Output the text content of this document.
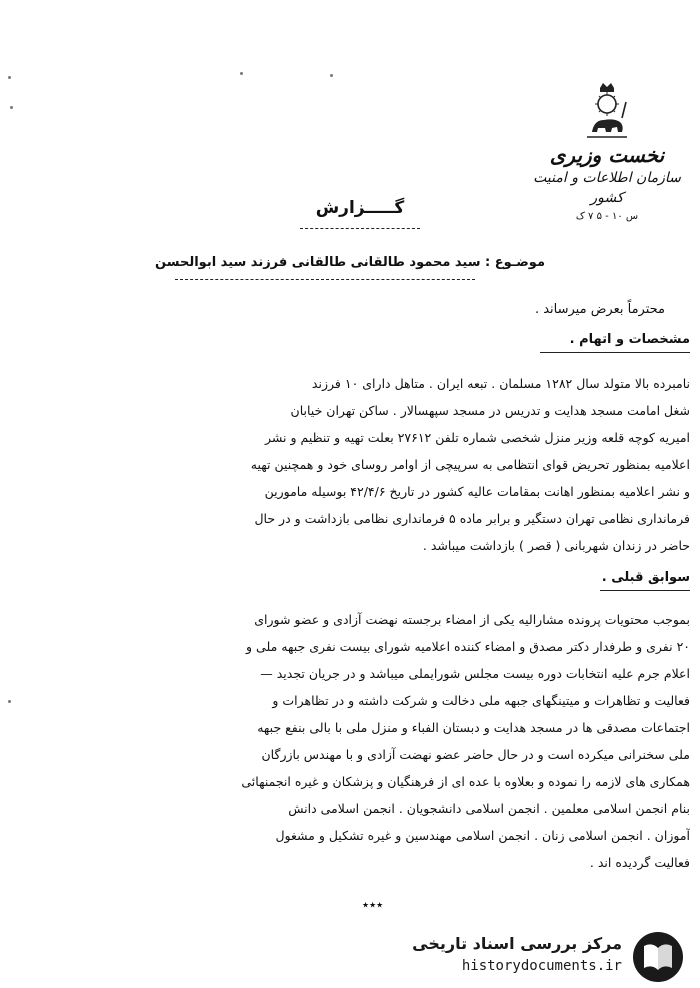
نخست وزیری
سازمان اطلاعات و امنیت کشور
س ۱۰ - ۵ ۷ ک
گـــــزارش
موضـوع : سید محمود طالقانی طالقانی فرزند سید ابوالحسن
محترماً بعرض میرساند .
مشخصات و اتهام .

نامبرده بالا متولد سال ۱۲۸۲ مسلمان . تبعه ایران . متاهل دارای ۱۰ فرزند

شغل امامت مسجد هدایت و تدریس در مسجد سپهسالار . ساکن تهران خیابان

امیریه کوچه قلعه وزیر منزل شخصی شماره تلفن ۲۷۶۱۲ بعلت تهیه و تنظیم و نشر

اعلامیه بمنظور تحریض قوای انتظامی به سرپیچی از اوامر روسای خود و همچنین تهیه

و نشر اعلامیه بمنظور اهانت بمقامات عالیه کشور در تاریخ ۴۲/۴/۶ بوسیله مامورین

فرمانداری نظامی تهران دستگیر و برابر ماده ۵ فرمانداری نظامی بازداشت و در حال

حاضر در زندان شهربانی ( قصر ) بازداشت میباشد .

سوابق قبلی .

بموجب محتویات پرونده مشارالیه یکی از امضاء برجسته نهضت آزادی و عضو شورای

۲۰ نفری و طرفدار دکتر مصدق و امضاء کننده اعلامیه شورای بیست نفری جبهه ملی و

اعلام جرم علیه انتخابات دوره بیست مجلس شورایملی میباشد و در جریان تجدید —

فعالیت و تظاهرات و میتینگهای جبهه ملی دخالت و شرکت داشته و در تظاهرات و

اجتماعات مصدقی ها در مسجد هدایت و دبستان الفباء و منزل ملی با بالی بنفع جبهه

ملی سخنرانی میکرده است و در حال حاضر عضو نهضت آزادی و با مهندس بازرگان

همکاری های لازمه را نموده و بعلاوه با عده ای از فرهنگیان و پزشکان و غیره انجمنهائی

بنام انجمن اسلامی معلمین . انجمن اسلامی دانشجویان . انجمن اسلامی دانش

آموزان . انجمن اسلامی زنان . انجمن اسلامی مهندسین و غیره تشکیل و مشغول

فعالیت گردیده اند .

٭٭٭
مرکز بررسی اسناد تاریخی
historydocuments.ir
